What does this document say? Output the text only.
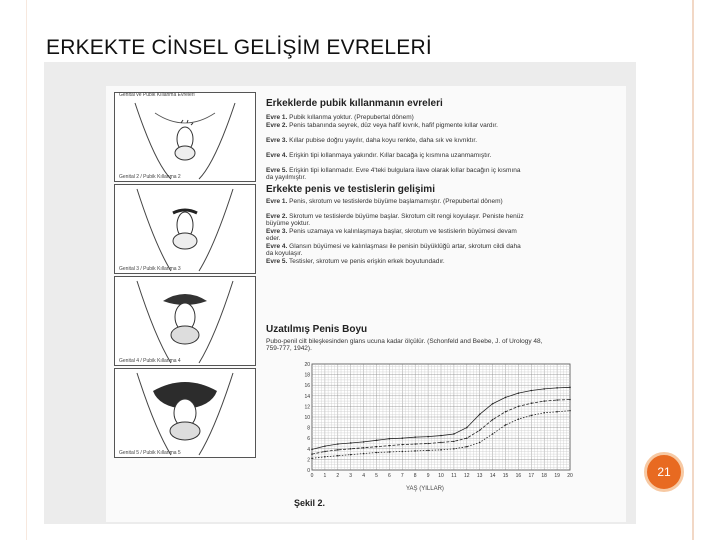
ERKEKTE CİNSEL GELİŞİM EVRELERİ
Genital ve Pubik Kıllanma Evreleri
Genital 2 / Pubik Kıllanma 2
Genital 3 / Pubik Kıllanma 3
Genital 4 / Pubik Kıllanma 4
Genital 5 / Pubik Kıllanma 5
Erkeklerde pubik kıllanmanın evreleri
Evre 1. Pubik kıllanma yoktur. (Prepubertal dönem)
Evre 2. Penis tabanında seyrek, düz veya hafif kıvrık, hafif pigmente kıllar vardır.
Evre 3. Kıllar pubise doğru yayılır, daha koyu renkte, daha sık ve kıvrıktır.
Evre 4. Erişkin tipi kıllanmaya yakındır. Kıllar bacağa iç kısmına uzanmamıştır.
Evre 5. Erişkin tipi kıllanmadır. Evre 4'teki bulgulara ilave olarak kıllar bacağın iç kısmına da yayılmıştır.
Erkekte penis ve testislerin gelişimi
Evre 1. Penis, skrotum ve testislerde büyüme başlamamıştır. (Prepubertal dönem)
Evre 2. Skrotum ve testislerde büyüme başlar. Skrotum cilt rengi koyulaşır. Peniste henüz büyüme yoktur.
Evre 3. Penis uzamaya ve kalınlaşmaya başlar, skrotum ve testislerin büyümesi devam eder.
Evre 4. Glansın büyümesi ve kalınlaşması ile penisin büyüklüğü artar, skrotum cildi daha da koyulaşır.
Evre 5. Testisler, skrotum ve penis erişkin erkek boyutundadır.
Uzatılmış Penis Boyu
Pubo-penil cilt bileşkesinden glans ucuna kadar ölçülür. (Schonfeld and Beebe, J. of Urology 48, 759-777, 1942).
0
2
4
6
8
10
12
14
16
18
20
0 1 2 3 4 5 6 7 8 9 10 11 12 13 14 15 16 17 18 19 20
YAŞ (YILLAR)
Şekil 2.
21
